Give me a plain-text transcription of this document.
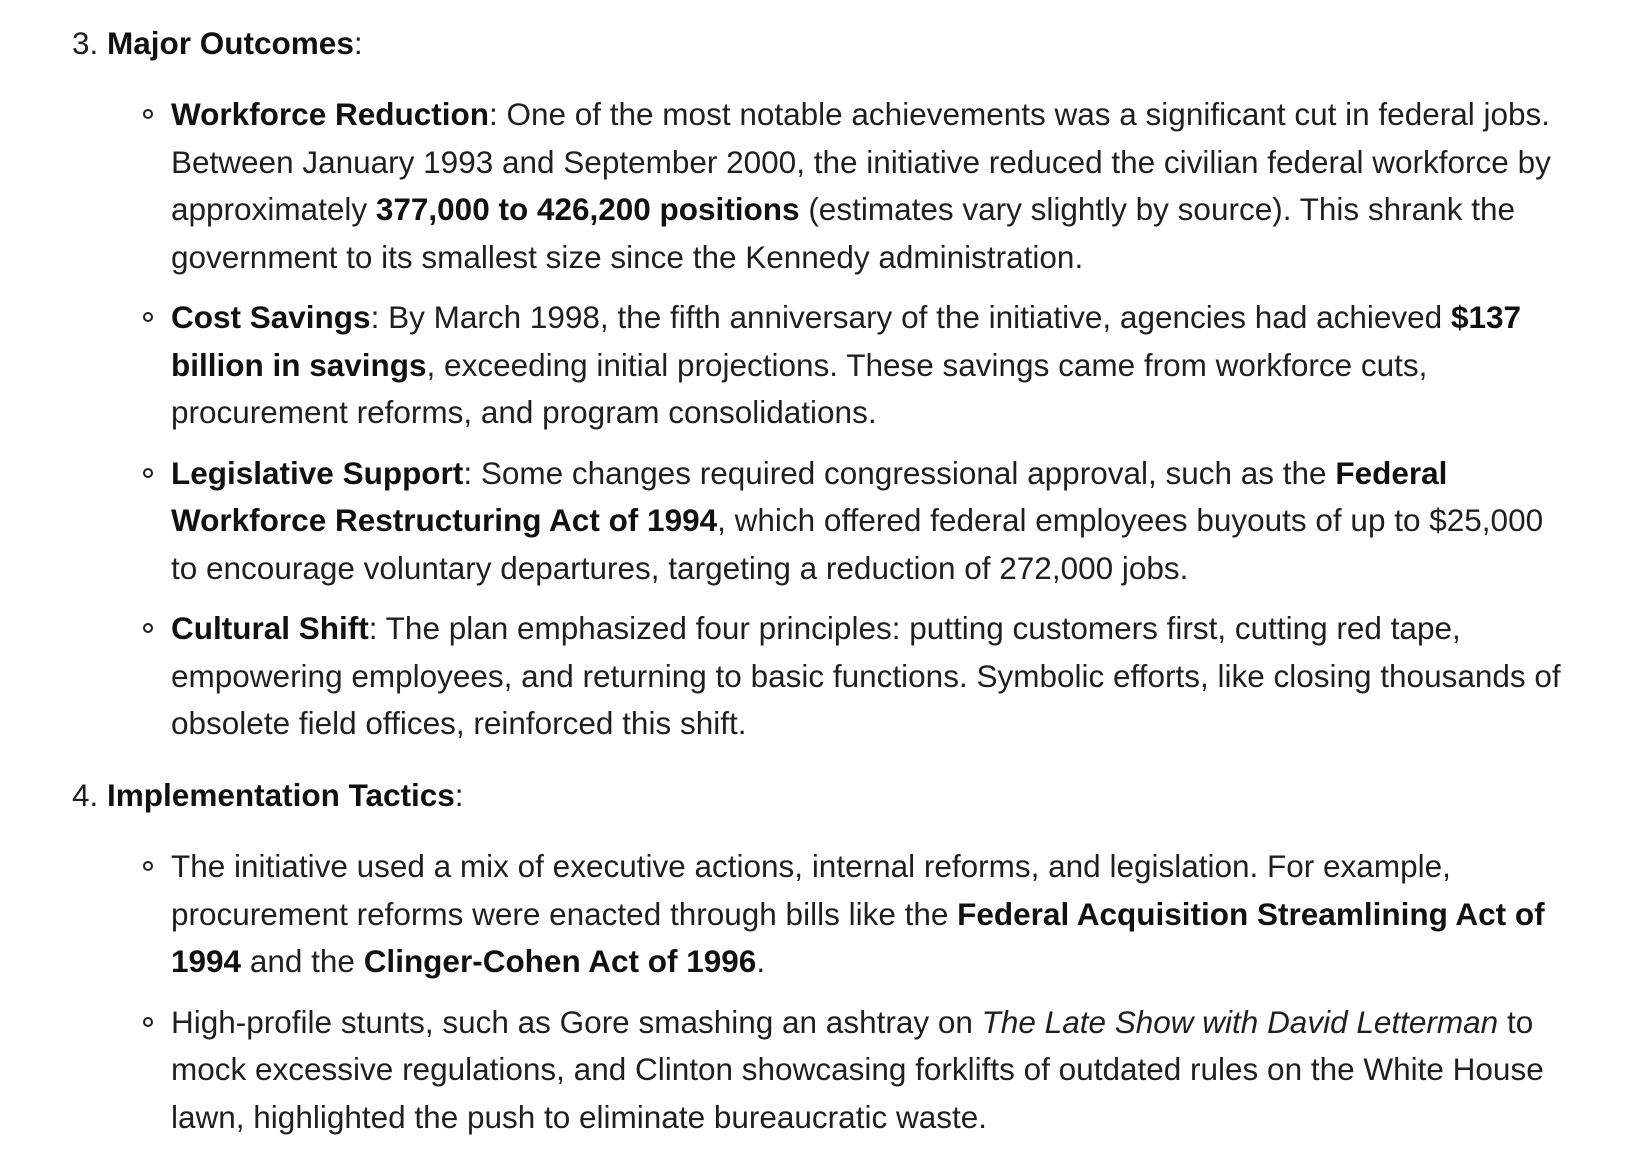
3. Major Outcomes:

Workforce Reduction: One of the most notable achievements was a significant cut in federal jobs. Between January 1993 and September 2000, the initiative reduced the civilian federal workforce by approximately 377,000 to 426,200 positions (estimates vary slightly by source). This shrank the government to its smallest size since the Kennedy administration.
Cost Savings: By March 1998, the fifth anniversary of the initiative, agencies had achieved $137 billion in savings, exceeding initial projections. These savings came from workforce cuts, procurement reforms, and program consolidations.
Legislative Support: Some changes required congressional approval, such as the Federal Workforce Restructuring Act of 1994, which offered federal employees buyouts of up to $25,000 to encourage voluntary departures, targeting a reduction of 272,000 jobs.
Cultural Shift: The plan emphasized four principles: putting customers first, cutting red tape, empowering employees, and returning to basic functions. Symbolic efforts, like closing thousands of obsolete field offices, reinforced this shift.

4. Implementation Tactics:

The initiative used a mix of executive actions, internal reforms, and legislation. For example, procurement reforms were enacted through bills like the Federal Acquisition Streamlining Act of 1994 and the Clinger-Cohen Act of 1996.
High-profile stunts, such as Gore smashing an ashtray on The Late Show with David Letterman to mock excessive regulations, and Clinton showcasing forklifts of outdated rules on the White House lawn, highlighted the push to eliminate bureaucratic waste.
